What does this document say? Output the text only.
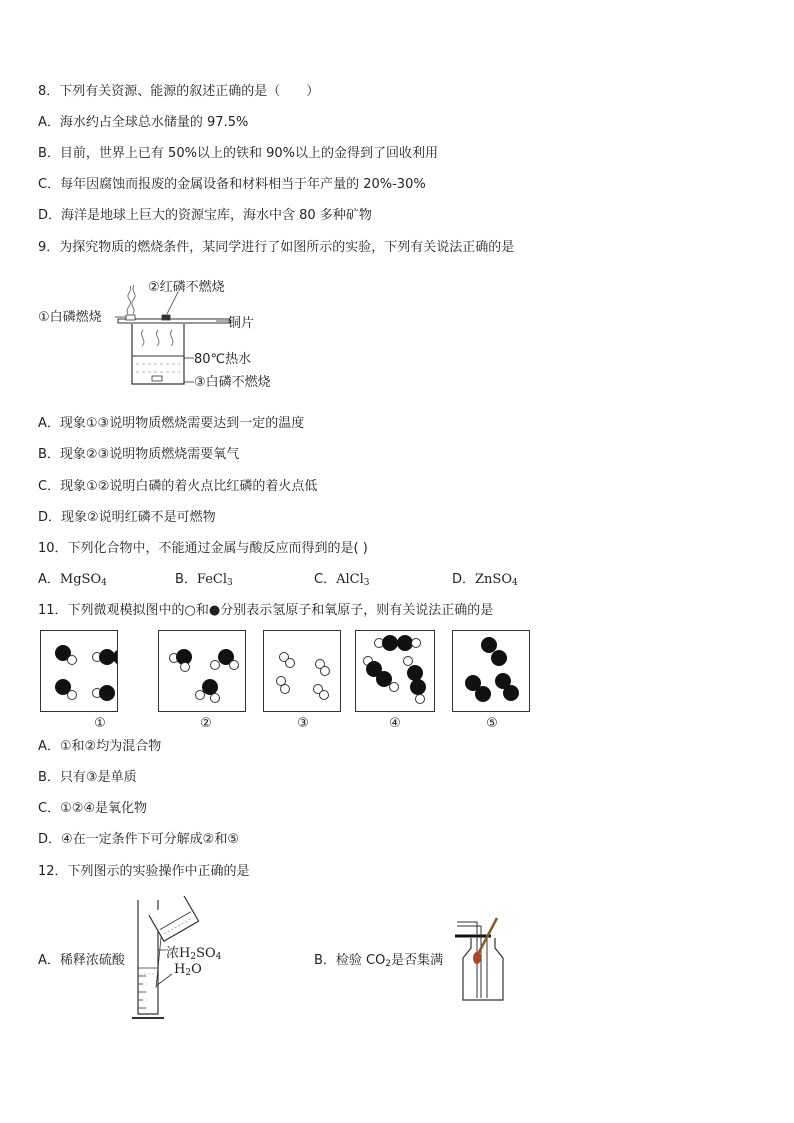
8．下列有关资源、能源的叙述正确的是（　　）
A．海水约占全球总水储量的 97.5%
B．目前，世界上已有 50%以上的铁和 90%以上的金得到了回收利用
C．每年因腐蚀而报废的金属设备和材料相当于年产量的 20%-30%
D．海洋是地球上巨大的资源宝库，海水中含 80 多种矿物
9．为探究物质的燃烧条件，某同学进行了如图所示的实验，下列有关说法正确的是
②红磷不燃烧
①白磷燃烧	铜片
80℃热水
③白磷不燃烧
A．现象①③说明物质燃烧需要达到一定的温度
B．现象②③说明物质燃烧需要氧气
C．现象①②说明白磷的着火点比红磷的着火点低
D．现象②说明红磷不是可燃物
10．下列化合物中，不能通过金属与酸反应而得到的是( )
A．MgSO$_4$	B．FeCl$_3$	C．AlCl$_3$	D．ZnSO$_4$
11．下列微观模拟图中的○和●分别表示氢原子和氧原子，则有关说法正确的是
①	②	③	④	⑤
A．①和②均为混合物
B．只有③是单质
C．①②④是氧化物
D．④在一定条件下可分解成②和⑤
12．下列图示的实验操作中正确的是
A．稀释浓硫酸	浓$H_2SO_4$
$H_2O$
B．检验 $CO_2$是否集满
